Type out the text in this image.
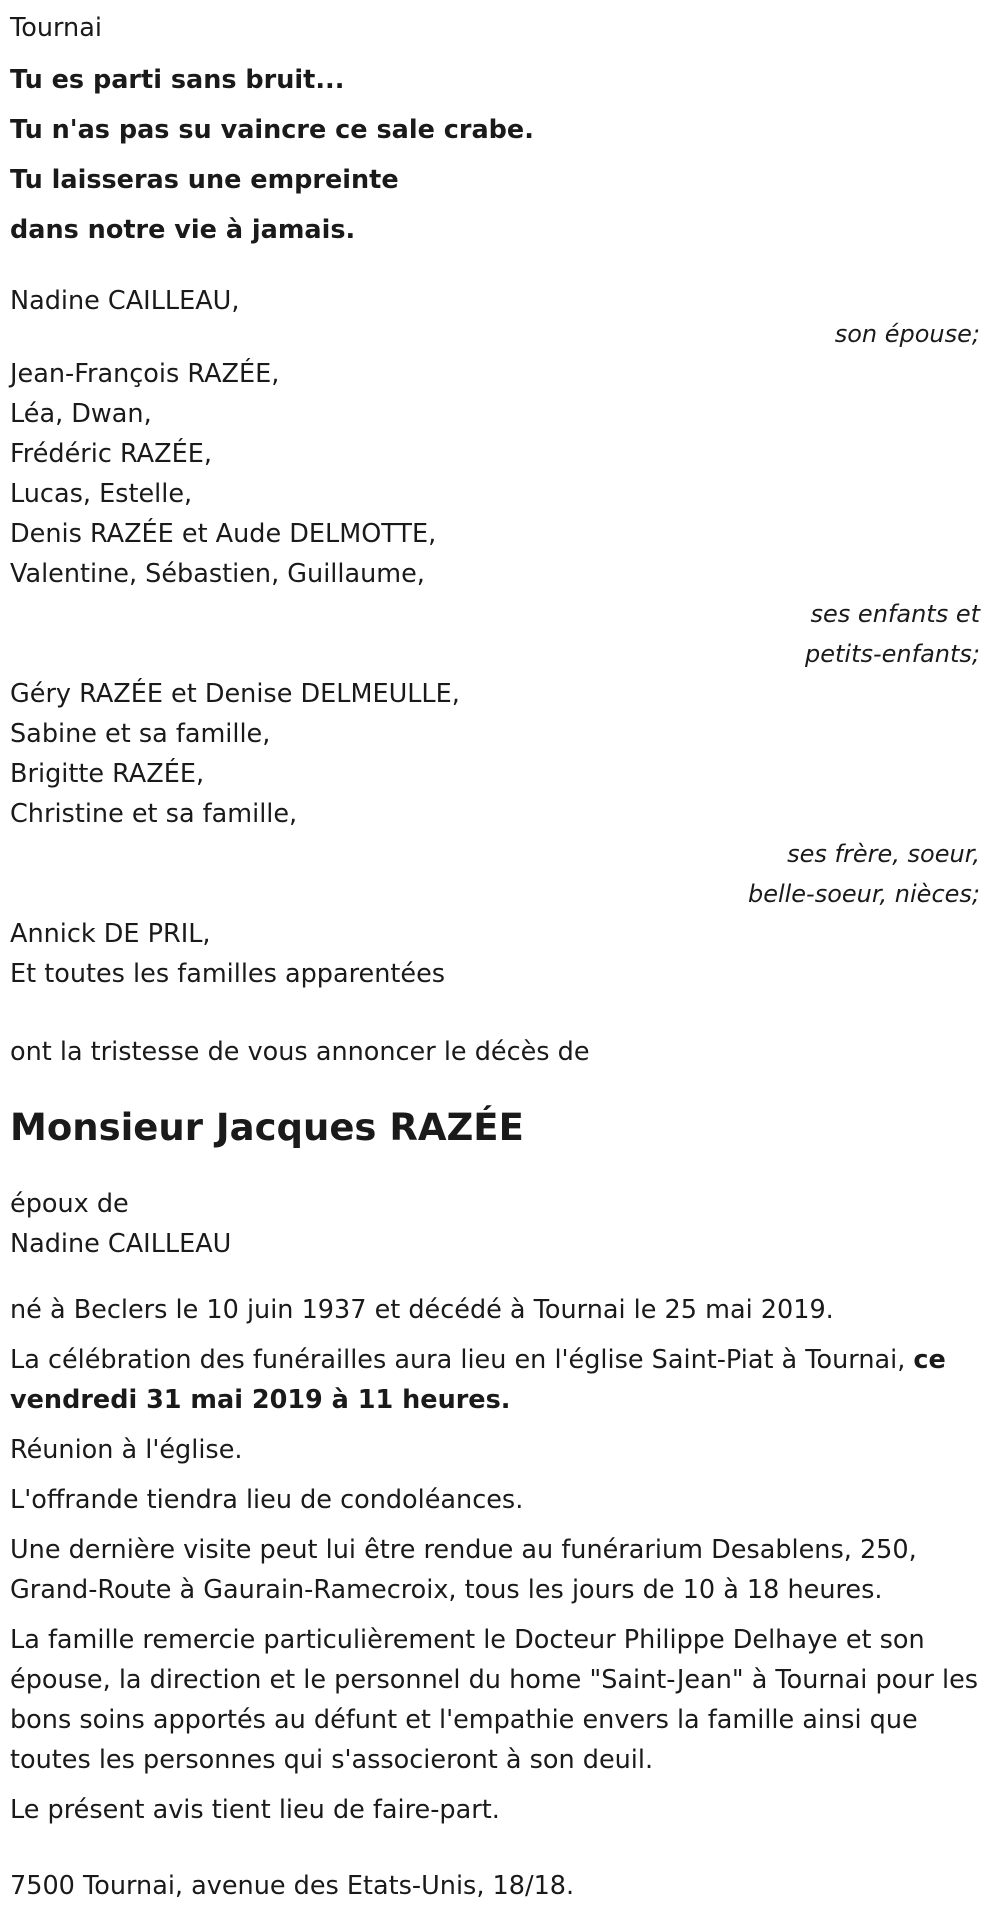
Tournai
Tu es parti sans bruit...
Tu n'as pas su vaincre ce sale crabe.
Tu laisseras une empreinte
dans notre vie à jamais.
Nadine CAILLEAU,
son épouse;
Jean-François RAZÉE,
Léa, Dwan,
Frédéric RAZÉE,
Lucas, Estelle,
Denis RAZÉE et Aude DELMOTTE,
Valentine, Sébastien, Guillaume,
ses enfants et
petits-enfants;
Géry RAZÉE et Denise DELMEULLE,
Sabine et sa famille,
Brigitte RAZÉE,
Christine et sa famille,
ses frère, soeur,
belle-soeur, nièces;
Annick DE PRIL,
Et toutes les familles apparentées
ont la tristesse de vous annoncer le décès de
Monsieur Jacques RAZÉE
époux de
Nadine CAILLEAU
né à Beclers le 10 juin 1937 et décédé à Tournai le 25 mai 2019.
La célébration des funérailles aura lieu en l'église Saint-Piat à Tournai, ce vendredi 31 mai 2019 à 11 heures.
Réunion à l'église.
L'offrande tiendra lieu de condoléances.
Une dernière visite peut lui être rendue au funérarium Desablens, 250, Grand-Route à Gaurain-Ramecroix, tous les jours de 10 à 18 heures.
La famille remercie particulièrement le Docteur Philippe Delhaye et son épouse, la direction et le personnel du home "Saint-Jean" à Tournai pour les bons soins apportés au défunt et l'empathie envers la famille ainsi que toutes les personnes qui s'associeront à son deuil.
Le présent avis tient lieu de faire-part.
7500 Tournai, avenue des Etats-Unis, 18/18.
